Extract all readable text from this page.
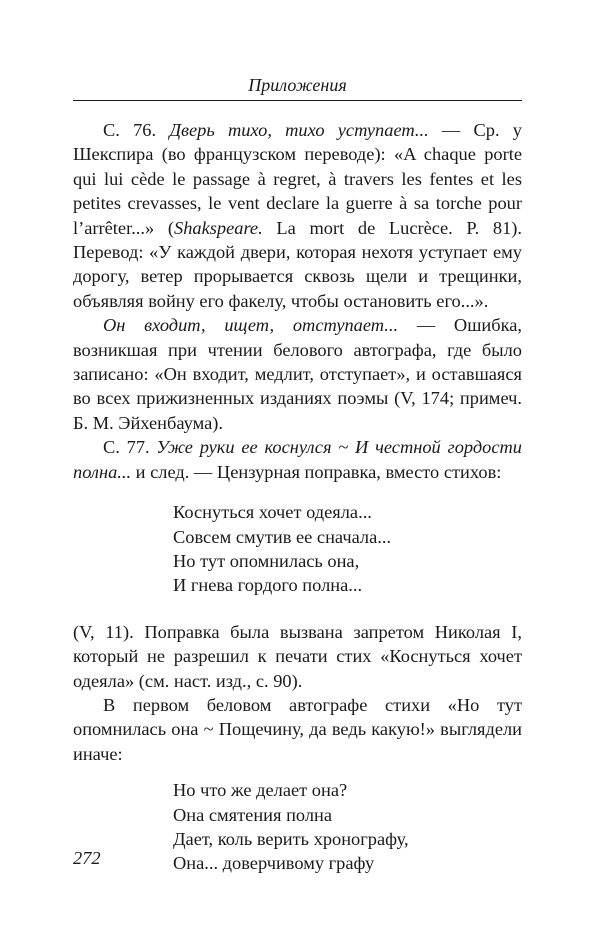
Приложения

С. 76. Дверь тихо, тихо уступает... — Ср. у Шекспира (во французском переводе): «A chaque porte qui lui cède le passage à regret, à travers les fentes et les petites crevasses, le vent declare la guerre à sa torche pour l’arrêter...» (Shakspeare. La mort de Lucrèce. P. 81). Перевод: «У каждой двери, которая нехотя уступает ему дорогу, ветер прорывается сквозь щели и трещинки, объявляя войну его факелу, чтобы остановить его...».

Он входит, ищет, отступает... — Ошибка, возникшая при чтении белового автографа, где было записано: «Он входит, медлит, отступает», и оставшаяся во всех прижизненных изданиях поэмы (V, 174; примеч. Б. М. Эйхенбаума).

С. 77. Уже руки ее коснулся ~ И честной гордости полна... и след. — Цензурная поправка, вместо стихов:

Коснуться хочет одеяла...
Совсем смутив ее сначала...
Но тут опомнилась она,
И гнева гордого полна...

(V, 11). Поправка была вызвана запретом Николая I, который не разрешил к печати стих «Коснуться хочет одеяла» (см. наст. изд., с. 90).

В первом беловом автографе стихи «Но тут опомнилась она ~ Пощечину, да ведь какую!» выглядели иначе:

Но что же делает она?
Она смятения полна
Дает, коль верить хронографу,
Она... доверчивому графу
272
